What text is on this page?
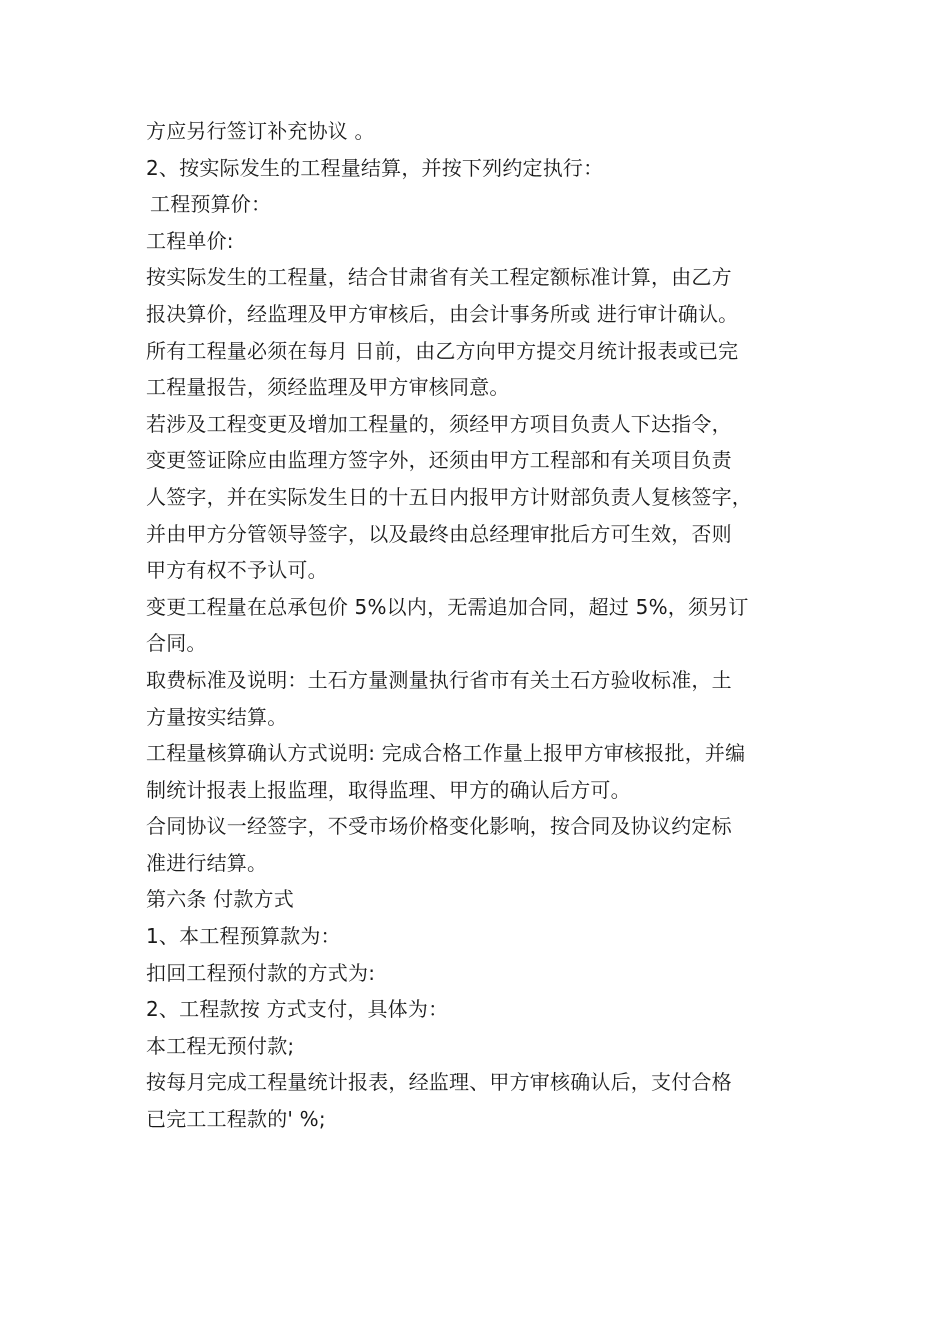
方应另行签订补充协议 。
2、按实际发生的工程量结算，并按下列约定执行：
工程预算价：
工程单价:
按实际发生的工程量，结合甘肃省有关工程定额标准计算，由乙方
报决算价，经监理及甲方审核后，由会计事务所或 进行审计确认。
所有工程量必须在每月 日前，由乙方向甲方提交月统计报表或已完
工程量报告，须经监理及甲方审核同意。
若涉及工程变更及增加工程量的，须经甲方项目负责人下达指令，
变更签证除应由监理方签字外，还须由甲方工程部和有关项目负责
人签字，并在实际发生日的十五日内报甲方计财部负责人复核签字，
并由甲方分管领导签字，以及最终由总经理审批后方可生效，否则
甲方有权不予认可。
变更工程量在总承包价 5%以内，无需追加合同，超过 5%，须另订
合同。
取费标准及说明：土石方量测量执行省市有关土石方验收标准，土
方量按实结算。
工程量核算确认方式说明: 完成合格工作量上报甲方审核报批，并编
制统计报表上报监理，取得监理、甲方的确认后方可。
合同协议一经签字，不受市场价格变化影响，按合同及协议约定标
准进行结算。
第六条 付款方式
1、本工程预算款为：
扣回工程预付款的方式为:
2、工程款按 方式支付，具体为：
本工程无预付款;
按每月完成工程量统计报表，经监理、甲方审核确认后，支付合格
已完工工程款的' %;
